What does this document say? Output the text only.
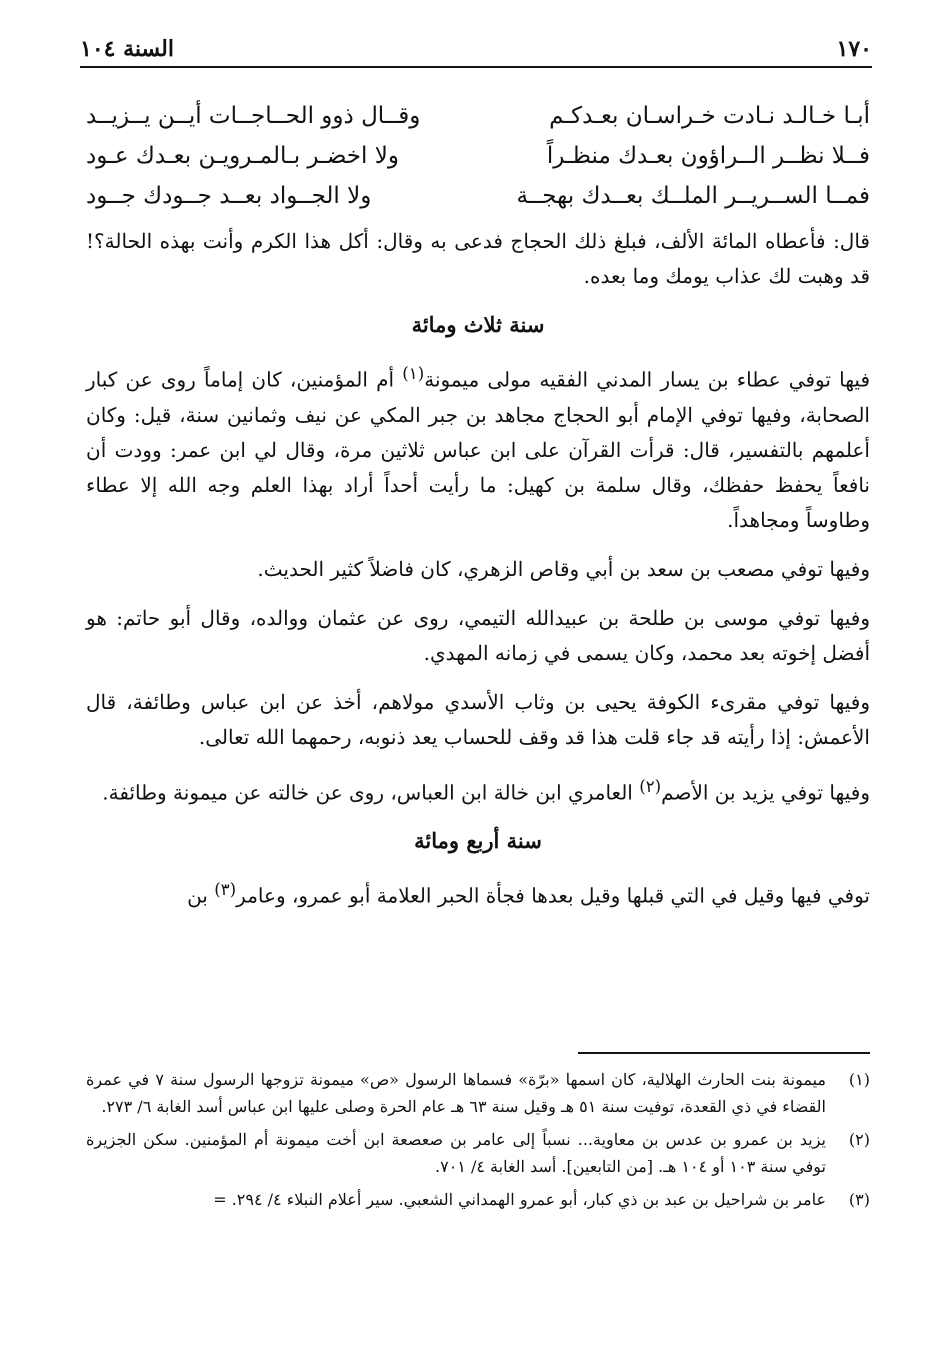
١٧٠
السنة ١٠٤
أبـا خـالـد نـادت خـراسـان بعـدكـم
وقــال ذوو الحــاجــات أيــن يــزيــد
فــلا نظــر الــراؤون بعـدك منظـراً
ولا اخضـر بـالمـرويـن بعـدك عـود
فمــا الســريــر الملــك بعــدك بهجــة
ولا الجــواد بعــد جــودك جــود

قال: فأعطاه المائة الألف، فبلغ ذلك الحجاج فدعى به وقال: أكل هذا الكرم وأنت بهذه الحالة؟! قد وهبت لك عذاب يومك وما بعده.

سنة ثلاث ومائة

فيها توفي عطاء بن يسار المدني الفقيه مولى ميمونة$^{(١)}$ أم المؤمنين، كان إماماً روى عن كبار الصحابة، وفيها توفي الإمام أبو الحجاج مجاهد بن جبر المكي عن نيف وثمانين سنة، قيل: وكان أعلمهم بالتفسير، قال: قرأت القرآن على ابن عباس ثلاثين مرة، وقال لي ابن عمر: وودت أن نافعاً يحفظ حفظك، وقال سلمة بن كهيل: ما رأيت أحداً أراد بهذا العلم وجه الله إلا عطاء وطاوساً ومجاهداً.

وفيها توفي مصعب بن سعد بن أبي وقاص الزهري، كان فاضلاً كثير الحديث.

وفيها توفي موسى بن طلحة بن عبيدالله التيمي، روى عن عثمان ووالده، وقال أبو حاتم: هو أفضل إخوته بعد محمد، وكان يسمى في زمانه المهدي.

وفيها توفي مقرىء الكوفة يحيى بن وثاب الأسدي مولاهم، أخذ عن ابن عباس وطائفة، قال الأعمش: إذا رأيته قد جاء قلت هذا قد وقف للحساب يعد ذنوبه، رحمهما الله تعالى.

وفيها توفي يزيد بن الأصم$^{(٢)}$ العامري ابن خالة ابن العباس، روى عن خالته عن ميمونة وطائفة.

سنة أربع ومائة

توفي فيها وقيل في التي قبلها وقيل بعدها فجأة الحبر العلامة أبو عمرو، وعامر$^{(٣)}$ بن

(١)
ميمونة بنت الحارث الهلالية، كان اسمها «برّة» فسماها الرسول «ص» ميمونة تزوجها الرسول سنة ٧ في عمرة القضاء في ذي القعدة، توفيت سنة ٥١ هـ وقيل سنة ٦٣ هـ عام الحرة وصلى عليها ابن عباس أسد الغابة ٦/ ٢٧٣.
(٢)
يزيد بن عمرو بن عدس بن معاوية... نسباً إلى عامر بن صعصعة ابن أخت ميمونة أم المؤمنين. سكن الجزيرة توفي سنة ١٠٣ أو ١٠٤ هـ. [من التابعين]. أسد الغابة ٤/ ٧٠١.
(٣)
عامر بن شراحيل بن عبد بن ذي كبار، أبو عمرو الهمداني الشعبي. سير أعلام النبلاء ٤/ ٢٩٤. =
